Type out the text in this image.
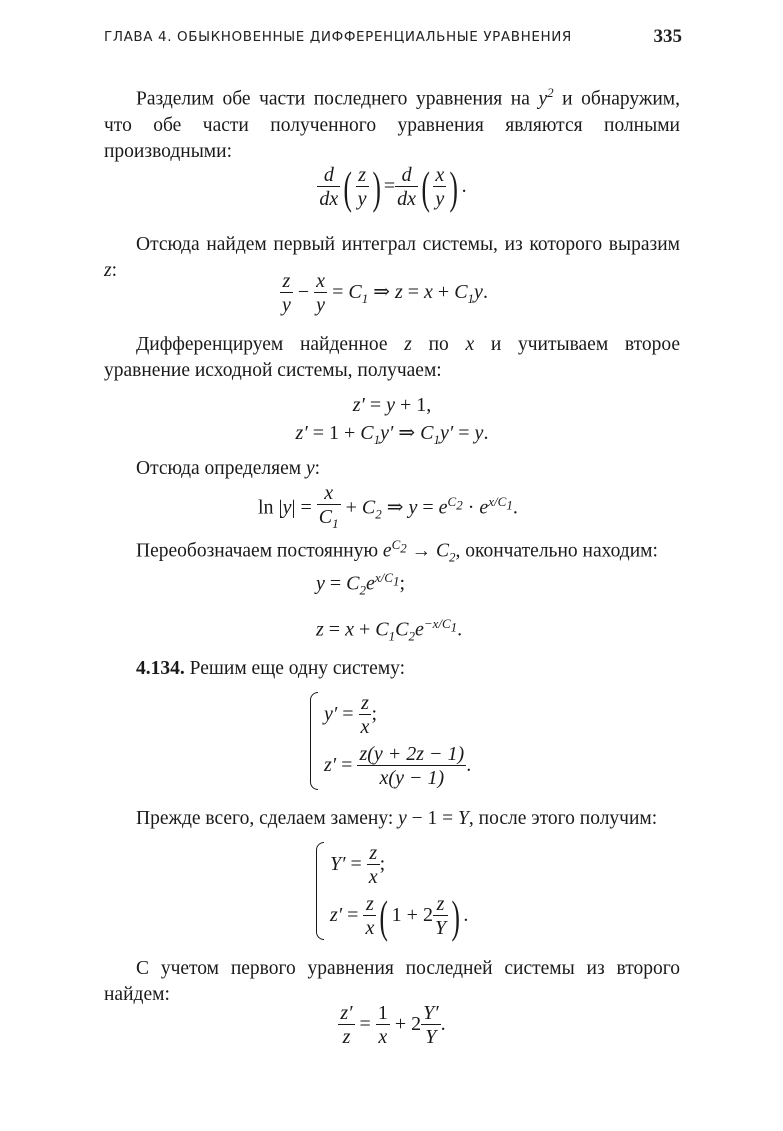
ГЛАВА 4. ОБЫКНОВЕННЫЕ ДИФФЕРЕНЦИАЛЬНЫЕ УРАВНЕНИЯ	335
Разделим обе части последнего уравнения на $y^2$ и обнаружим, что обе части полученного уравнения являются полными производными:
$\frac{d}{dx}$ ( $\frac{z}{y}$ ) = $\frac{d}{dx}$ ( $\frac{x}{y}$ ) .
Отсюда найдем первый интеграл системы, из которого выразим z:	$\frac{z}{y} - \frac{x}{y} = C_1$ ⇒ $z = x + C_1y$.
Дифференцируем найденное z по x и учитываем второе уравнение исходной системы, получаем:
z′ = y + 1,
$z' = 1 + C_1y'$ ⇒ $C_1y' = y$.
Отсюда определяем y:
$\ln |y| = \frac{x}{C_1} + C_2$ ⇒ $y = e^{C_2} \cdot e^{x/C_1}$.
Переобозначаем постоянную $e^{C_2} \to C_2$, окончательно находим:
$y = C_2e^{x/C_1}$;
$z = x + C_1C_2e^{-x/C_1}$.
4.134. Решим еще одну систему:
$y' = \frac{z}{x}$ ;
$z' = \frac{z(y + 2z - 1)}{x(y - 1)}$ .
Прежде всего, сделаем замену: y − 1 = Y, после этого получим:
$Y' = \frac{z}{x}$ ;
$z' = \frac{z}{x}$ ( $1 + 2 \frac{z}{Y}$ ) .
С учетом первого уравнения последней системы из второго найдем:
$\frac{z'}{z} = \frac{1}{x} + 2 \frac{Y'}{Y}$ .
